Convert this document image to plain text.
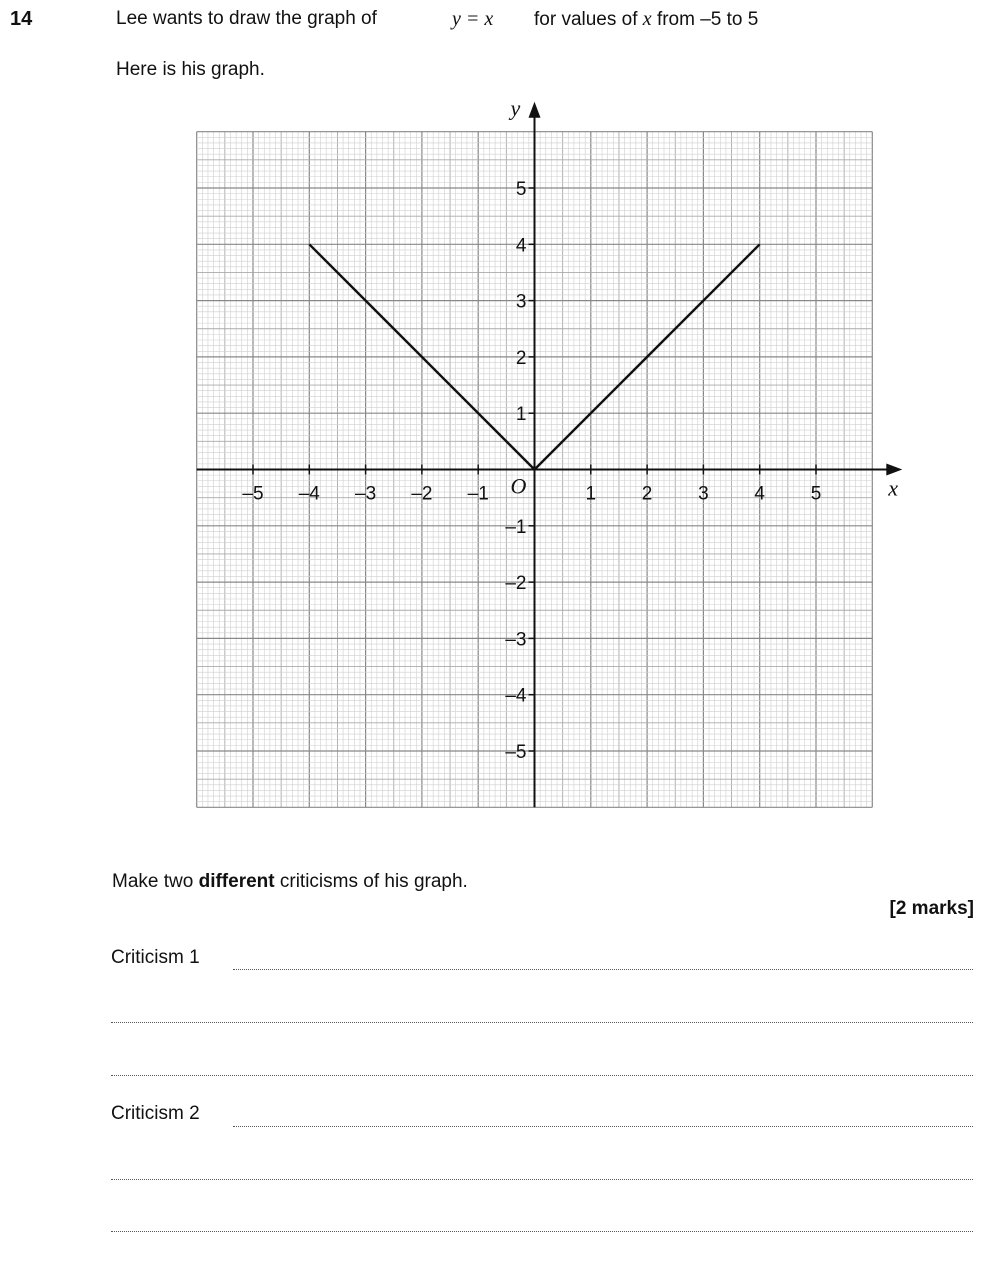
14	Lee wants to draw the graph of	y = x for values of x from –5 to 5
Here is his graph.
x
y
O
–5 –4 –3 –2 –1	1 2 3 4 5
5
4
3
2
1
–1
–2
–3
–4
–5
Make two different criticisms of his graph.
[2 marks]
Criticism 1
Criticism 2
